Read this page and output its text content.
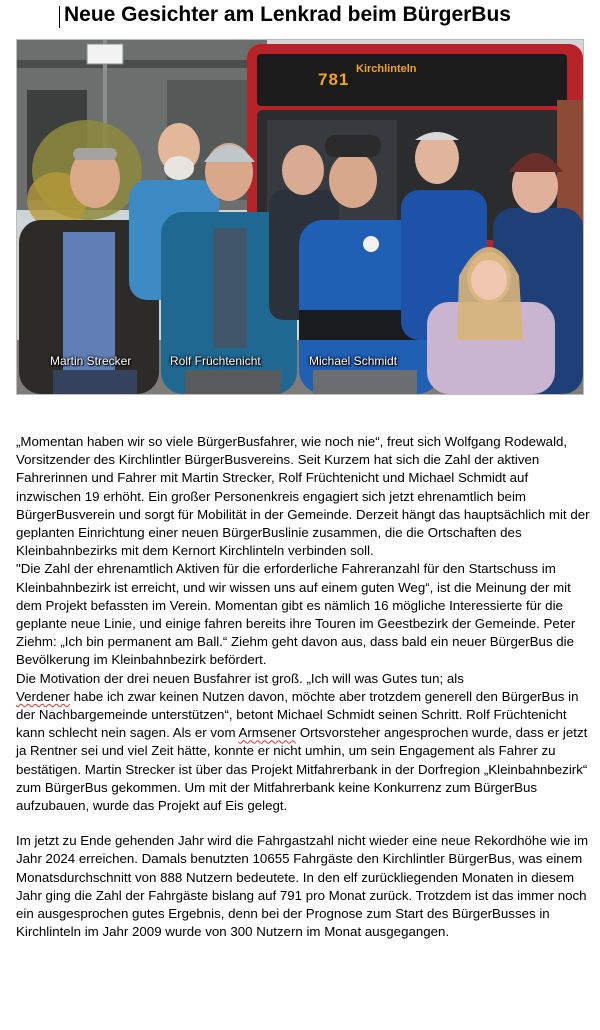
Neue Gesichter am Lenkrad beim BürgerBus
781
Kirchlinteln
Martin Strecker	Rolf Früchtenicht	Michael Schmidt

„Momentan haben wir so viele BürgerBusfahrer, wie noch nie“, freut sich Wolfgang Rodewald, Vorsitzender des Kirchlintler BürgerBusvereins. Seit Kurzem hat sich die Zahl der aktiven Fahrerinnen und Fahrer mit Martin Strecker, Rolf Früchtenicht und Michael Schmidt auf inzwischen 19 erhöht. Ein großer Personenkreis engagiert sich jetzt ehrenamtlich beim BürgerBusverein und sorgt für Mobilität in der Gemeinde. Derzeit hängt das hauptsächlich mit der geplanten Einrichtung einer neuen BürgerBuslinie zusammen, die die Ortschaften des Kleinbahnbezirks mit dem Kernort Kirchlinteln verbinden soll.

"Die Zahl der ehrenamtlich Aktiven für die erforderliche Fahreranzahl für den Startschuss im Kleinbahnbezirk ist erreicht, und wir wissen uns auf einem guten Weg“, ist die Meinung der mit dem Projekt befassten im Verein. Momentan gibt es nämlich 16 mögliche Interessierte für die geplante neue Linie, und einige fahren bereits ihre Touren im Geestbezirk der Gemeinde. Peter Ziehm: „Ich bin permanent am Ball.“ Ziehm geht davon aus, dass bald ein neuer BürgerBus die Bevölkerung im Kleinbahnbezirk befördert.

Die Motivation der drei neuen Busfahrer ist groß. „Ich will was Gutes tun; als
Verdener habe ich zwar keinen Nutzen davon, möchte aber trotzdem generell den BürgerBus in der Nachbargemeinde unterstützen“, betont Michael Schmidt seinen Schritt. Rolf Früchtenicht kann schlecht nein sagen. Als er vom Armsener Ortsvorsteher angesprochen wurde, dass er jetzt ja Rentner sei und viel Zeit hätte, konnte er nicht umhin, um sein Engagement als Fahrer zu bestätigen. Martin Strecker ist über das Projekt Mitfahrerbank in der Dorfregion „Kleinbahnbezirk“ zum BürgerBus gekommen. Um mit der Mitfahrerbank keine Konkurrenz zum BürgerBus aufzubauen, wurde das Projekt auf Eis gelegt.

Im jetzt zu Ende gehenden Jahr wird die Fahrgastzahl nicht wieder eine neue Rekordhöhe wie im Jahr 2024 erreichen. Damals benutzten 10655 Fahrgäste den Kirchlintler BürgerBus, was einem Monatsdurchschnitt von 888 Nutzern bedeutete. In den elf zurückliegenden Monaten in diesem Jahr ging die Zahl der Fahrgäste bislang auf 791 pro Monat zurück. Trotzdem ist das immer noch ein ausgesprochen gutes Ergebnis, denn bei der Prognose zum Start des BürgerBusses in Kirchlinteln im Jahr 2009 wurde von 300 Nutzern im Monat ausgegangen.
